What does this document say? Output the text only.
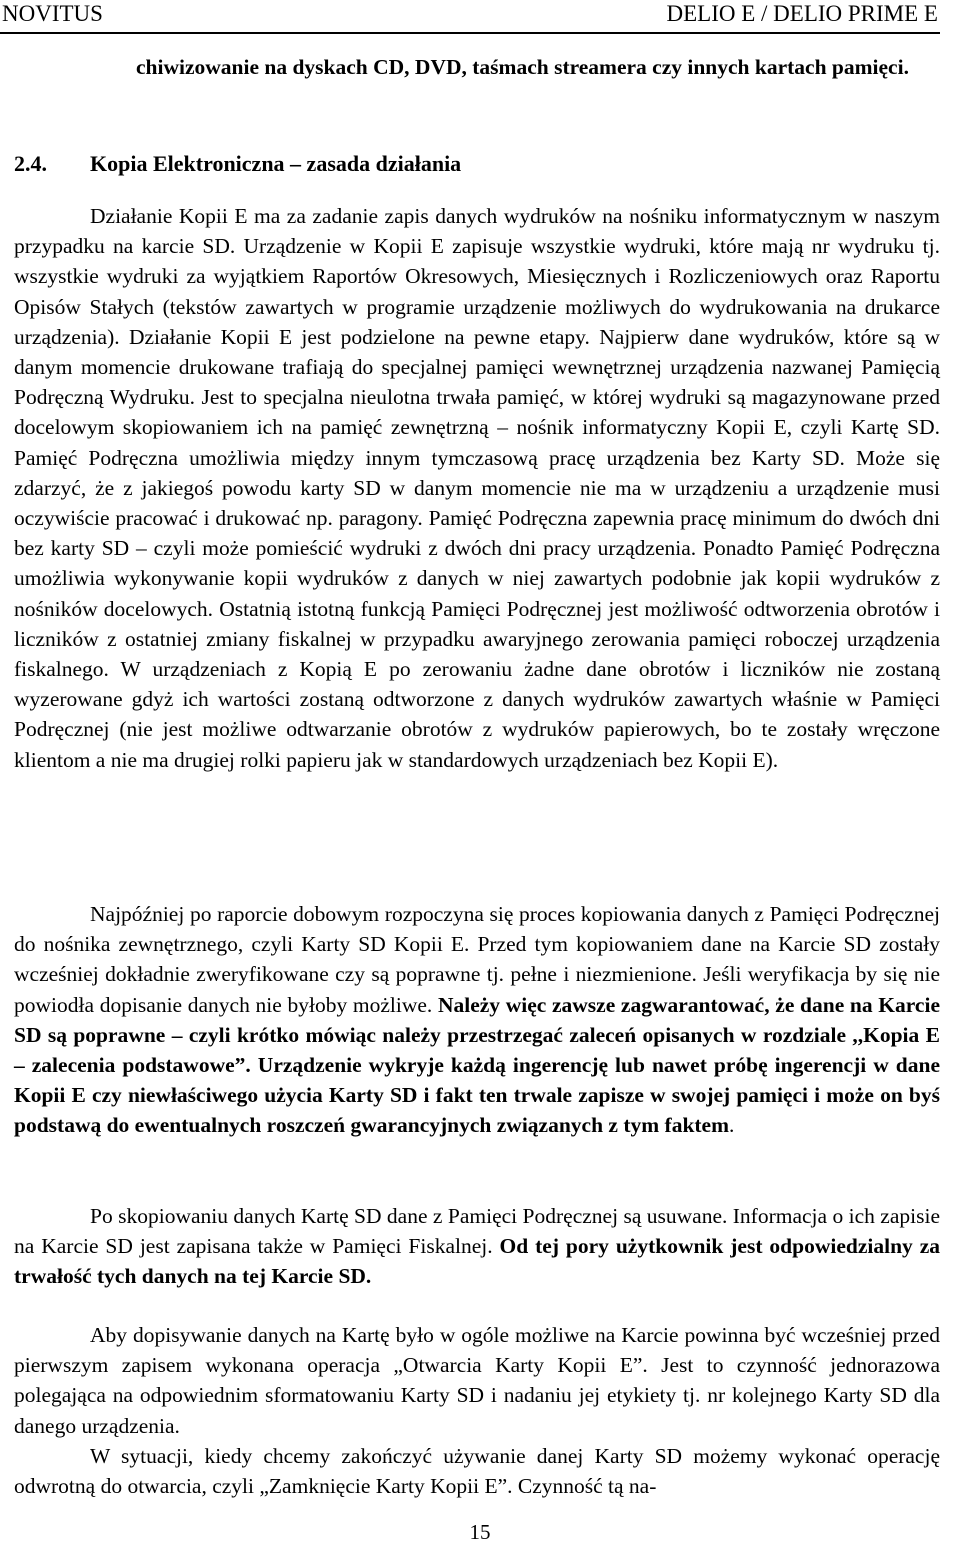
NOVITUS	DELIO E / DELIO PRIME E
chiwizowanie na dyskach CD, DVD, taśmach streamera czy innych kartach pamięci.
2.4. Kopia Elektroniczna – zasada działania
Działanie Kopii E ma za zadanie zapis danych wydruków na nośniku informatycznym w naszym przypadku na karcie SD. Urządzenie w Kopii E zapisuje wszystkie wydruki, które mają nr wydruku tj. wszystkie wydruki za wyjątkiem Raportów Okresowych, Miesięcznych i Rozliczeniowych oraz Raportu Opisów Stałych (tekstów zawartych w programie urządzenie możliwych do wydrukowania na drukarce urządzenia). Działanie Kopii E jest podzielone na pewne etapy. Najpierw dane wydruków, które są w danym momencie drukowane trafiają do specjalnej pamięci wewnętrznej urządzenia nazwanej Pamięcią Podręczną Wydruku. Jest to specjalna nieulotna trwała pamięć, w której wydruki są magazynowane przed docelowym skopiowaniem ich na pamięć zewnętrzną – nośnik informatyczny Kopii E, czyli Kartę SD. Pamięć Podręczna umożliwia między innym tymczasową pracę urządzenia bez Karty SD. Może się zdarzyć, że z jakiegoś powodu karty SD w danym momencie nie ma w urządzeniu a urządzenie musi oczywiście pracować i drukować np. paragony. Pamięć Podręczna zapewnia pracę minimum do dwóch dni bez karty SD – czyli może pomieścić wydruki z dwóch dni pracy urządzenia. Ponadto Pamięć Podręczna umożliwia wykonywanie kopii wydruków z danych w niej zawartych podobnie jak kopii wydruków z nośników docelowych. Ostatnią istotną funkcją Pamięci Podręcznej jest możliwość odtworzenia obrotów i liczników z ostatniej zmiany fiskalnej w przypadku awaryjnego zerowania pamięci roboczej urządzenia fiskalnego. W urządzeniach z Kopią E po zerowaniu żadne dane obrotów i liczników nie zostaną wyzerowane gdyż ich wartości zostaną odtworzone z danych wydruków zawartych właśnie w Pamięci Podręcznej (nie jest możliwe odtwarzanie obrotów z wydruków papierowych, bo te zostały wręczone klientom a nie ma drugiej rolki papieru jak w standardowych urządzeniach bez Kopii E).
Najpóźniej po raporcie dobowym rozpoczyna się proces kopiowania danych z Pamięci Podręcznej do nośnika zewnętrznego, czyli Karty SD Kopii E. Przed tym kopiowaniem dane na Karcie SD zostały wcześniej dokładnie zweryfikowane czy są poprawne tj. pełne i niezmienione. Jeśli weryfikacja by się nie powiodła dopisanie danych nie byłoby możliwe. Należy więc zawsze zagwarantować, że dane na Karcie SD są poprawne – czyli krótko mówiąc należy przestrzegać zaleceń opisanych w rozdziale ,,Kopia E – zalecenia podstawowe”. Urządzenie wykryje każdą ingerencję lub nawet próbę ingerencji w dane Kopii E czy niewłaściwego użycia Karty SD i fakt ten trwale zapisze w swojej pamięci i może on byś podstawą do ewentualnych roszczeń gwarancyjnych związanych z tym faktem.
Po skopiowaniu danych Kartę SD dane z Pamięci Podręcznej są usuwane. Informacja o ich zapisie na Karcie SD jest zapisana także w Pamięci Fiskalnej. Od tej pory użytkownik jest odpowiedzialny za trwałość tych danych na tej Karcie SD.
Aby dopisywanie danych na Kartę było w ogóle możliwe na Karcie powinna być wcześniej przed pierwszym zapisem wykonana operacja „Otwarcia Karty Kopii E”. Jest to czynność jednorazowa polegająca na odpowiednim sformatowaniu Karty SD i nadaniu jej etykiety tj. nr kolejnego Karty SD dla danego urządzenia.
W sytuacji, kiedy chcemy zakończyć używanie danej Karty SD możemy wykonać operację odwrotną do otwarcia, czyli „Zamknięcie Karty Kopii E”. Czynność tą na-
15
